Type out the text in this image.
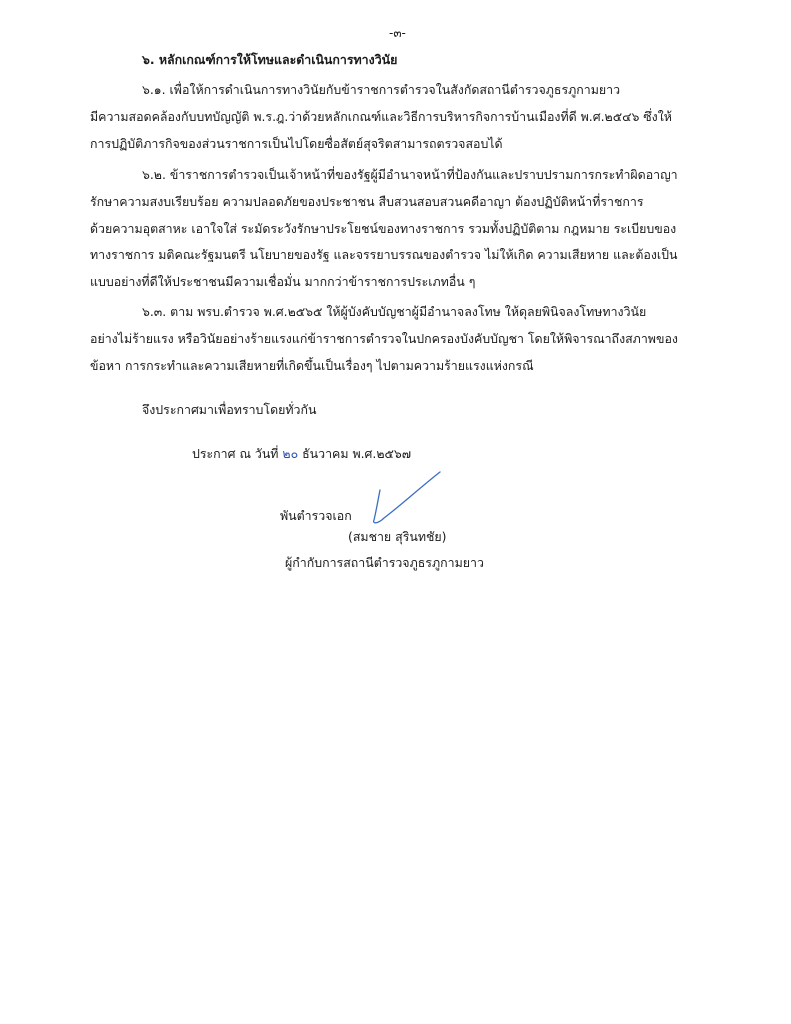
-๓-
๖. หลักเกณฑ์การให้โทษและดำเนินการทางวินัย
๖.๑. เพื่อให้การดำเนินการทางวินัยกับข้าราชการตำรวจในสังกัดสถานีตำรวจภูธรภูกามยาว
มีความสอดคล้องกับบทบัญญัติ พ.ร.ฎ.ว่าด้วยหลักเกณฑ์และวิธีการบริหารกิจการบ้านเมืองที่ดี พ.ศ.๒๕๔๖ ซึ่งให้
การปฏิบัติภารกิจของส่วนราชการเป็นไปโดยซื่อสัตย์สุจริตสามารถตรวจสอบได้
๖.๒. ข้าราชการตำรวจเป็นเจ้าหน้าที่ของรัฐผู้มีอำนาจหน้าที่ป้องกันและปราบปรามการกระทำผิดอาญา
รักษาความสงบเรียบร้อย ความปลอดภัยของประชาชน สืบสวนสอบสวนคดีอาญา ต้องปฏิบัติหน้าที่ราชการ
ด้วยความอุตสาหะ เอาใจใส่ ระมัดระวังรักษาประโยชน์ของทางราชการ รวมทั้งปฏิบัติตาม กฎหมาย ระเบียบของ
ทางราชการ มติคณะรัฐมนตรี นโยบายของรัฐ และจรรยาบรรณของตำรวจ ไม่ให้เกิด ความเสียหาย และต้องเป็น
แบบอย่างที่ดีให้ประชาชนมีความเชื่อมั่น มากกว่าข้าราชการประเภทอื่น ๆ
๖.๓. ตาม พรบ.ตำรวจ พ.ศ.๒๕๖๕ ให้ผู้บังคับบัญชาผู้มีอำนาจลงโทษ ให้ดุลยพินิจลงโทษทางวินัย
อย่างไม่ร้ายแรง หรือวินัยอย่างร้ายแรงแก่ข้าราชการตำรวจในปกครองบังคับบัญชา โดยให้พิจารณาถึงสภาพของ
ข้อหา การกระทำและความเสียหายที่เกิดขึ้นเป็นเรื่องๆ ไปตามความร้ายแรงแห่งกรณี
จึงประกาศมาเพื่อทราบโดยทั่วกัน
ประกาศ ณ วันที่ ๒๐ ธันวาคม พ.ศ.๒๕๖๗
พันตำรวจเอก
(สมชาย สุรินทชัย)
ผู้กำกับการสถานีตำรวจภูธรภูกามยาว
